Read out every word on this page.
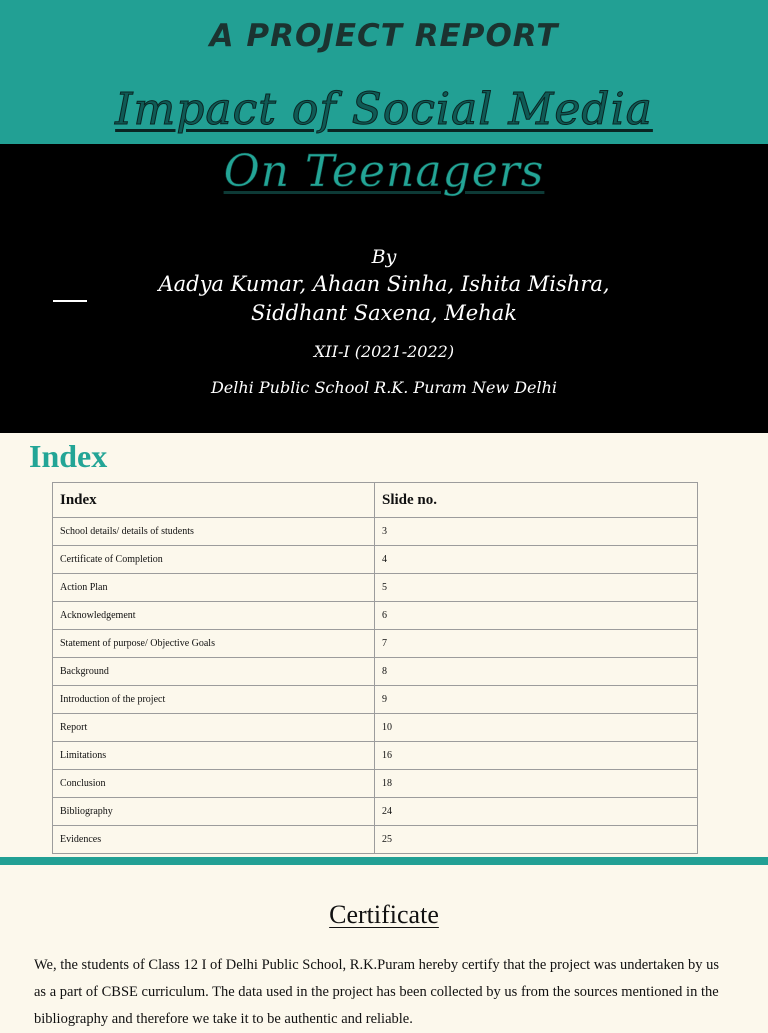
A PROJECT REPORT
Impact of Social Media
On Teenagers
By
Aadya Kumar, Ahaan Sinha, Ishita Mishra, Siddhant Saxena, Mehak
XII-I (2021-2022)
Delhi Public School R.K. Puram New Delhi
Index
Index	Slide no.
School details/ details of students	3
Certificate of Completion	4
Action Plan	5
Acknowledgement	6
Statement of purpose/ Objective Goals	7
Background	8
Introduction of the project	9
Report	10
Limitations	16
Conclusion	18
Bibliography	24
Evidences	25
Certificate
We, the students of Class 12 I of Delhi Public School, R.K.Puram hereby certify that the project was undertaken by us as a part of CBSE curriculum. The data used in the project has been collected by us from the sources mentioned in the bibliography and therefore we take it to be authentic and reliable.
